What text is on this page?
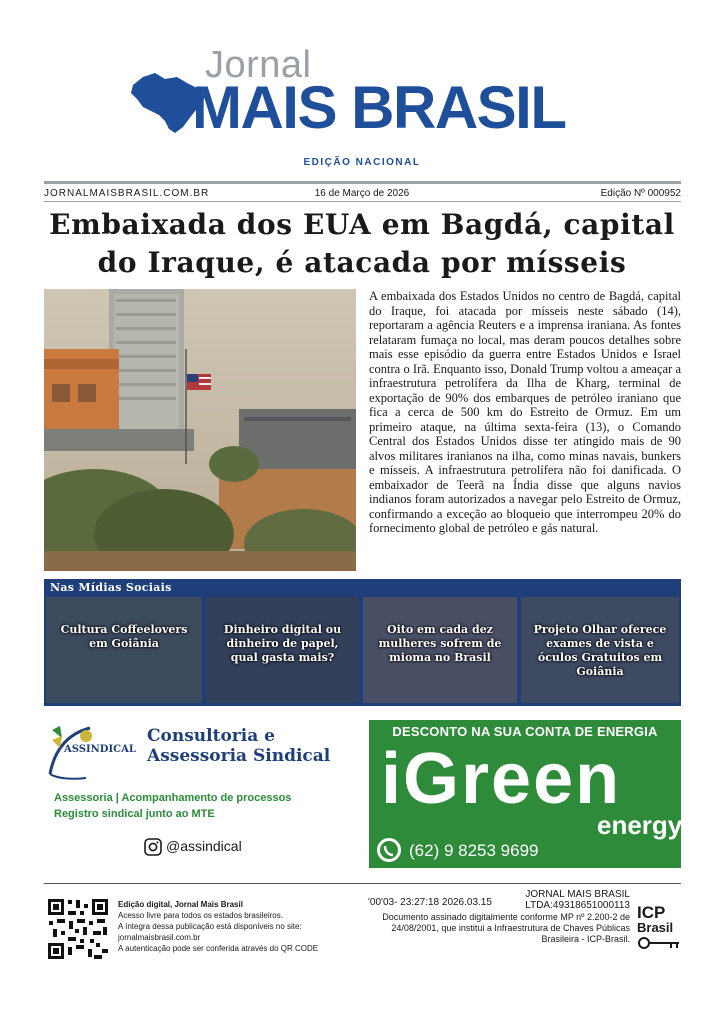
Jornal
MAIS BRASIL
EDIÇÃO NACIONAL
JORNALMAISBRASIL.COM.BR	16 de Março de 2026	Edição Nº 000952
Embaixada dos EUA em Bagdá, capital do Iraque, é atacada por mísseis

A embaixada dos Estados Unidos no centro de Bagdá, capital do Iraque, foi atacada por mísseis neste sábado (14), reportaram a agência Reuters e a imprensa iraniana. As fontes relataram fumaça no local, mas deram poucos detalhes sobre mais esse episódio da guerra entre Estados Unidos e Israel contra o Irã. Enquanto isso, Donald Trump voltou a ameaçar a infraestrutura petrolífera da Ilha de Kharg, terminal de exportação de 90% dos embarques de petróleo iraniano que fica a cerca de 500 km do Estreito de Ormuz. Em um primeiro ataque, na última sexta-feira (13), o Comando Central dos Estados Unidos disse ter atingido mais de 90 alvos militares iranianos na ilha, como minas navais, bunkers e mísseis. A infraestrutura petrolífera não foi danificada. O embaixador de Teerã na Índia disse que alguns navios indianos foram autorizados a navegar pelo Estreito de Ormuz, confirmando a exceção ao bloqueio que interrompeu 20% do fornecimento global de petróleo e gás natural.

Nas Mídias Sociais
Cultura Coffeelovers em Goiânia
Dinheiro digital ou dinheiro de papel, qual gasta mais?
Oito em cada dez mulheres sofrem de mioma no Brasil
Projeto Olhar oferece exames de vista e óculos Gratuitos em Goiânia
ASSINDICAL
Consultoria e
Assessoria Sindical
Assessoria | Acompanhamento de processos
Registro sindical junto ao MTE
@assindical
DESCONTO NA SUA CONTA DE ENERGIA
iGreen
energy.
(62) 9 8253 9699
Edição digital, Jornal Mais Brasil
Acesso livre para todos os estados brasileiros.
A íntegra dessa publicação está disponíveis no site:
jornalmaisbrasil.com.br
A autenticação pode ser conferida através do QR CODE
'00'03- 23:27:18 2026.03.15
JORNAL MAIS BRASIL
LTDA:49318651000113
Documento assinado digitalmente conforme MP nº 2.200-2 de 24/08/2001, que institui a Infraestrutura de Chaves Públicas Brasileira - ICP-Brasil.
ICP
Brasil
